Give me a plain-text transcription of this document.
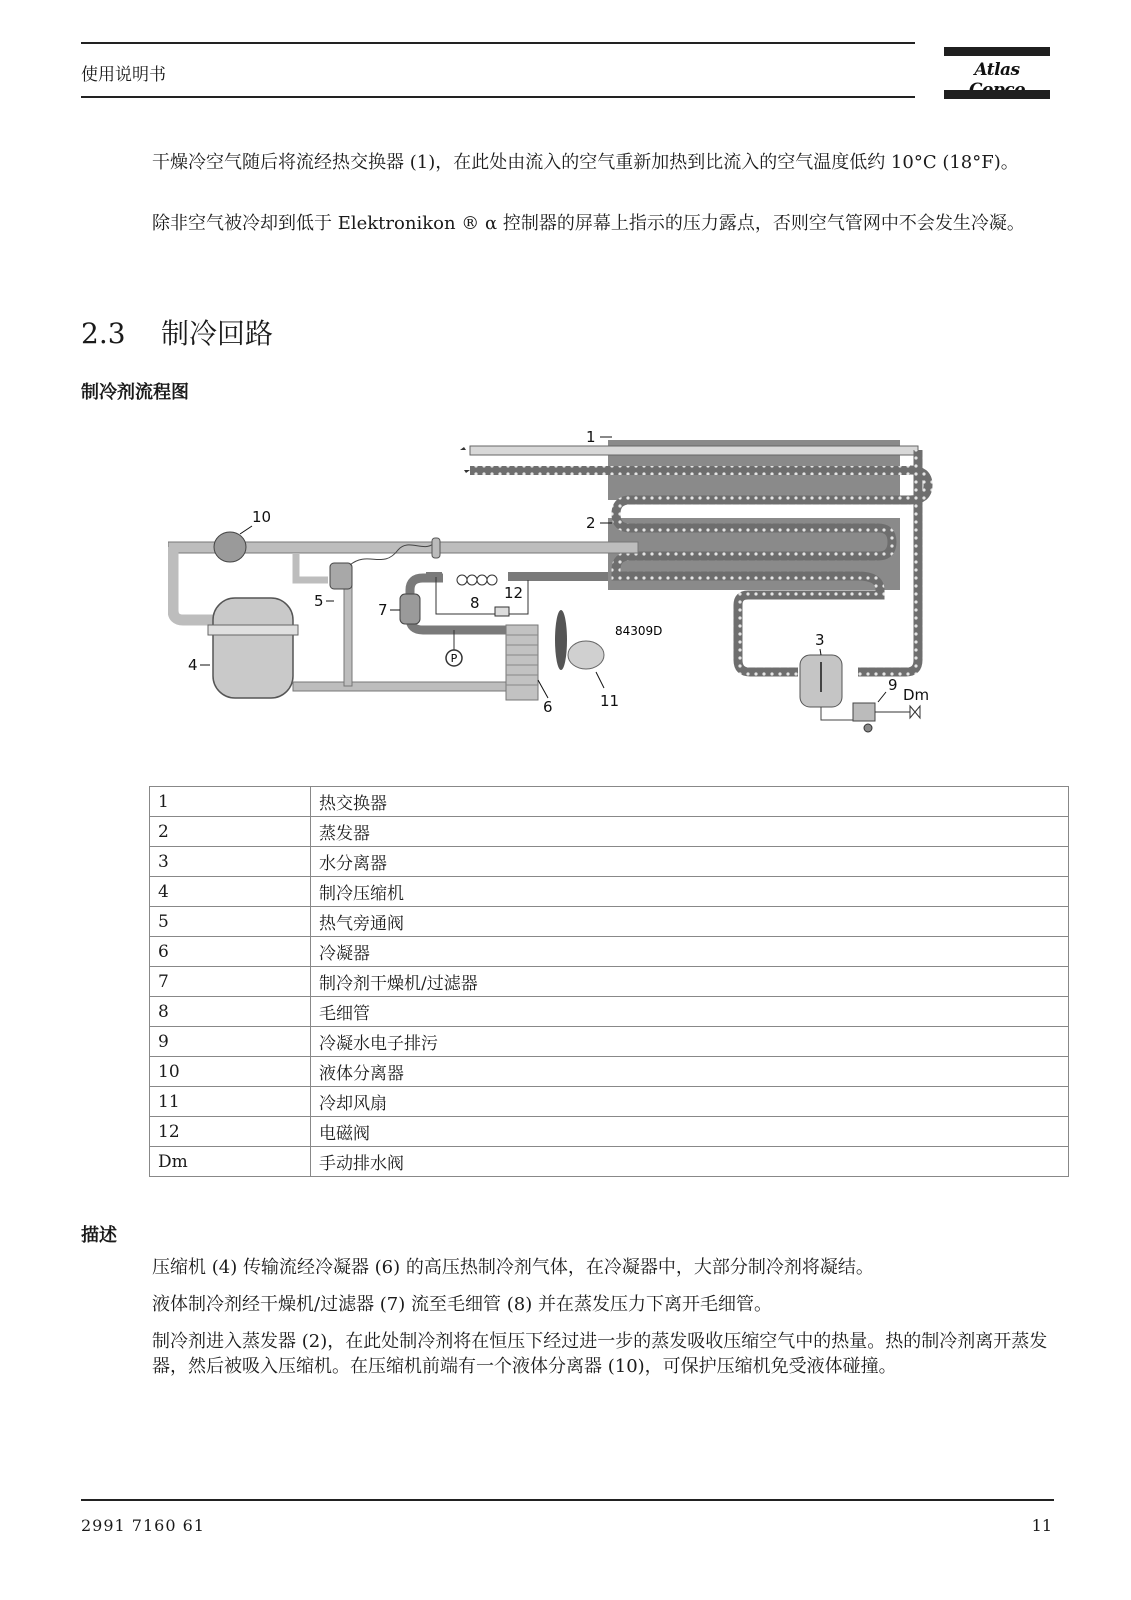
使用说明书	Atlas
干燥冷空气随后将流经热交换器 (1)，在此处由流入的空气重新加热到比流入的空气温度低约 10°C (18°F)。
除非空气被冷却到低于 Elektronikon ® α 控制器的屏幕上指示的压力露点，否则空气管网中不会发生冷凝。
2.3 制冷回路
制冷剂流程图
P
84309D
1
2
3
4
5
6
7	8
9
10
11
12
Dm
1	热交换器
2	蒸发器
3	水分离器
4	制冷压缩机
5	热气旁通阀
6	冷凝器
7	制冷剂干燥机/过滤器
8	毛细管
9	冷凝水电子排污
10	液体分离器
11	冷却风扇
12	电磁阀
Dm	手动排水阀
描述
压缩机 (4) 传输流经冷凝器 (6) 的高压热制冷剂气体，在冷凝器中，大部分制冷剂将凝结。
液体制冷剂经干燥机/过滤器 (7) 流至毛细管 (8) 并在蒸发压力下离开毛细管。
制冷剂进入蒸发器 (2)，在此处制冷剂将在恒压下经过进一步的蒸发吸收压缩空气中的热量。热的制冷剂离开蒸发器，然后被吸入压缩机。在压缩机前端有一个液体分离器 (10)，可保护压缩机免受液体碰撞。
2991 7160 61	11
